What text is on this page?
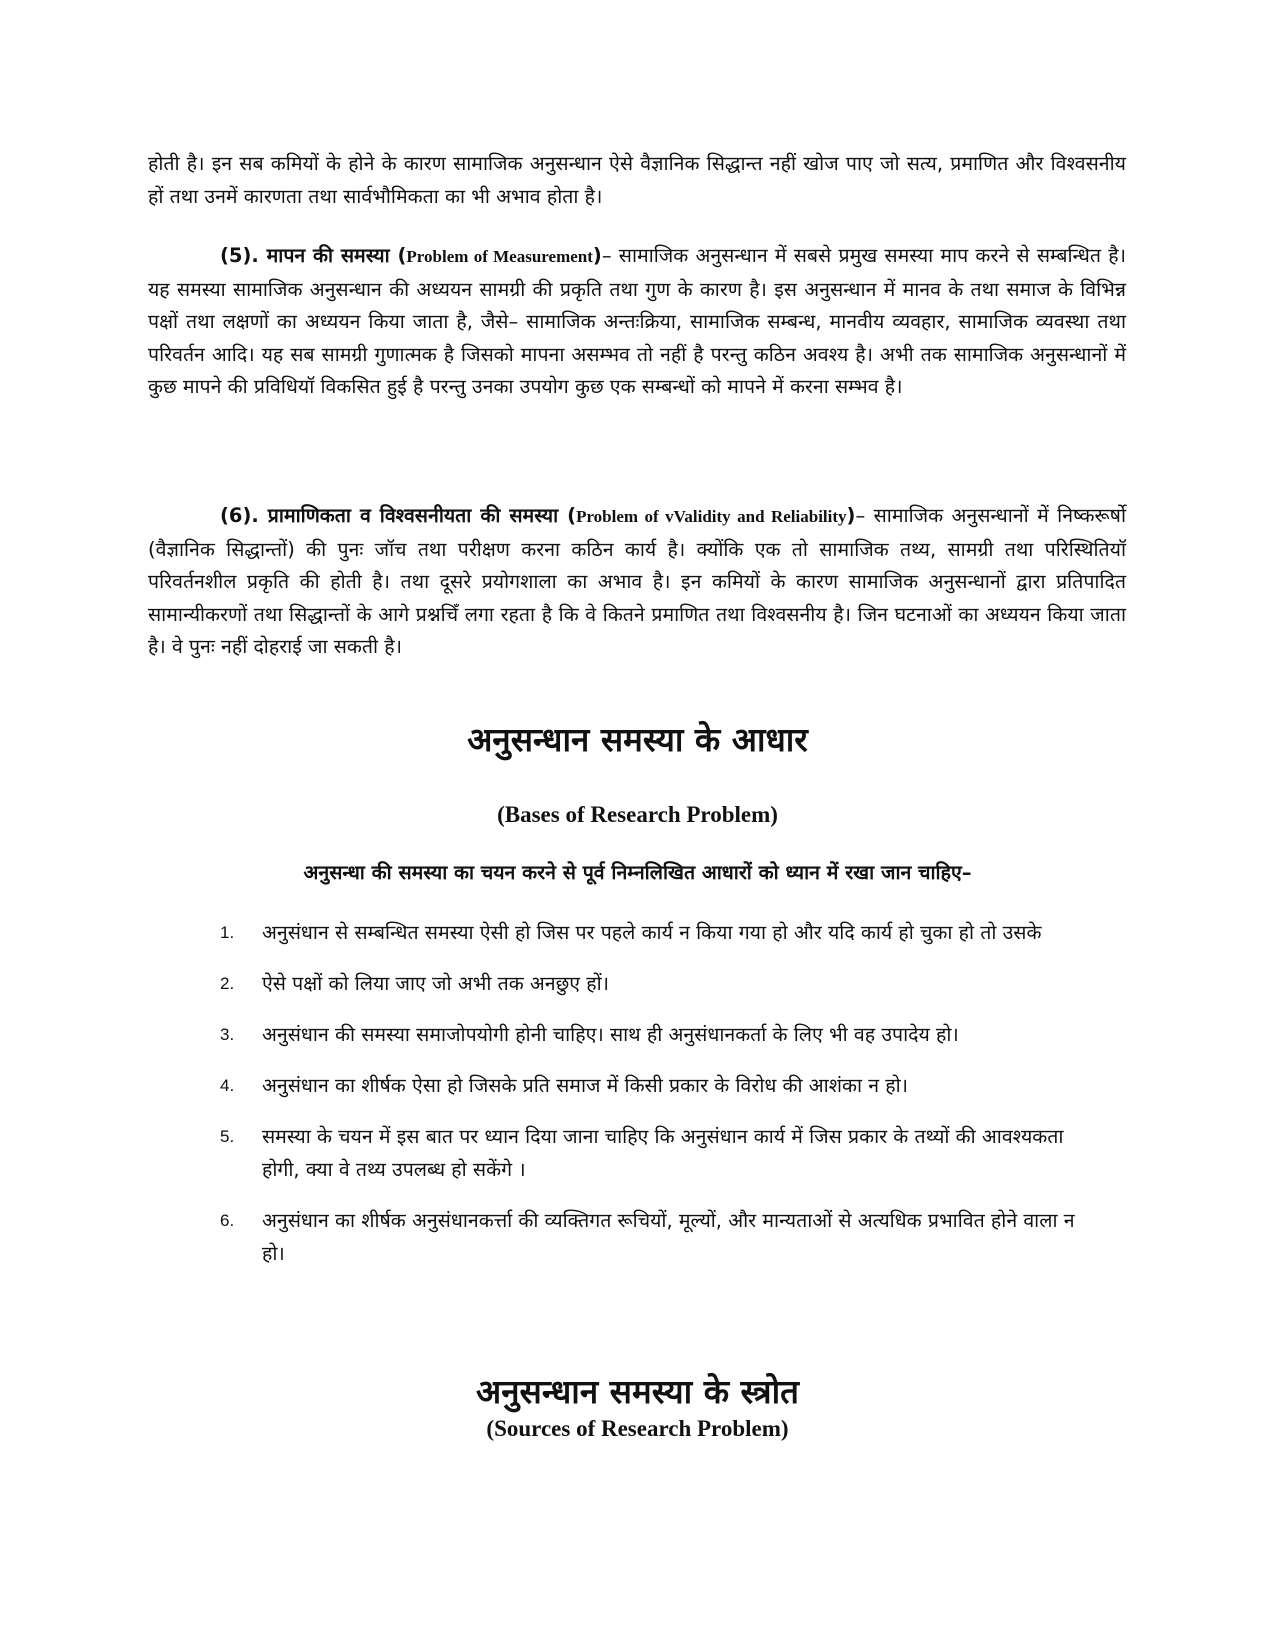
होती है। इन सब कमियों के होने के कारण सामाजिक अनुसन्धान ऐसे वैज्ञानिक सिद्धान्त नहीं खोज पाए जो सत्य, प्रमाणित और विश्वसनीय हों तथा उनमें कारणता तथा सार्वभौमिकता का भी अभाव होता है।

(5). मापन की समस्या (Problem of Measurement)– सामाजिक अनुसन्धान में सबसे प्रमुख समस्या माप करने से सम्बन्धित है। यह समस्या सामाजिक अनुसन्धान की अध्ययन सामग्री की प्रकृति तथा गुण के कारण है। इस अनुसन्धान में मानव के तथा समाज के विभिन्न पक्षों तथा लक्षणों का अध्ययन किया जाता है, जैसे– सामाजिक अन्तःक्रिया, सामाजिक सम्बन्ध, मानवीय व्यवहार, सामाजिक व्यवस्था तथा परिवर्तन आदि। यह सब सामग्री गुणात्मक है जिसको मापना असम्भव तो नहीं है परन्तु कठिन अवश्य है। अभी तक सामाजिक अनुसन्धानों में कुछ मापने की प्रविधियॉ विकसित हुई है परन्तु उनका उपयोग कुछ एक सम्बन्धों को मापने में करना सम्भव है।

(6). प्रामाणिकता व विश्वसनीयता की समस्या (Problem of vValidity and Reliability)– सामाजिक अनुसन्धानों में निष्करूर्षो (वैज्ञानिक सिद्धान्तों) की पुनः जॉच तथा परीक्षण करना कठिन कार्य है। क्योंकि एक तो सामाजिक तथ्य, सामग्री तथा परिस्थितियॉ परिवर्तनशील प्रकृति की होती है। तथा दूसरे प्रयोगशाला का अभाव है। इन कमियों के कारण सामाजिक अनुसन्धानों द्वारा प्रतिपादित सामान्यीकरणों तथा सिद्धान्तों के आगे प्रश्नचिँ लगा रहता है कि वे कितने प्रमाणित तथा विश्वसनीय है। जिन घटनाओं का अध्ययन किया जाता है। वे पुनः नहीं दोहराई जा सकती है।

अनुसन्धान समस्या के आधार
(Bases of Research Problem)

अनुसन्धा की समस्या का चयन करने से पूर्व निम्नलिखित आधारों को ध्यान में रखा जान चाहिए–

1.	अनुसंधान से सम्बन्धित समस्या ऐसी हो जिस पर पहले कार्य न किया गया हो और यदि कार्य हो चुका हो तो उसके
2.	ऐसे पक्षों को लिया जाए जो अभी तक अनछुए हों।
3.	अनुसंधान की समस्या समाजोपयोगी होनी चाहिए। साथ ही अनुसंधानकर्ता के लिए भी वह उपादेय हो।
4.	अनुसंधान का शीर्षक ऐसा हो जिसके प्रति समाज में किसी प्रकार के विरोध की आशंका न हो।
5.	समस्या के चयन में इस बात पर ध्यान दिया जाना चाहिए कि अनुसंधान कार्य में जिस प्रकार के तथ्यों की आवश्यकता होगी, क्या वे तथ्य उपलब्ध हो सकेंगे ।
6.	अनुसंधान का शीर्षक अनुसंधानकर्त्ता की व्यक्तिगत रूचियों, मूल्यों, और मान्यताओं से अत्यधिक प्रभावित होने वाला न हो।
अनुसन्धान समस्या के स्त्रोत
(Sources of Research Problem)
